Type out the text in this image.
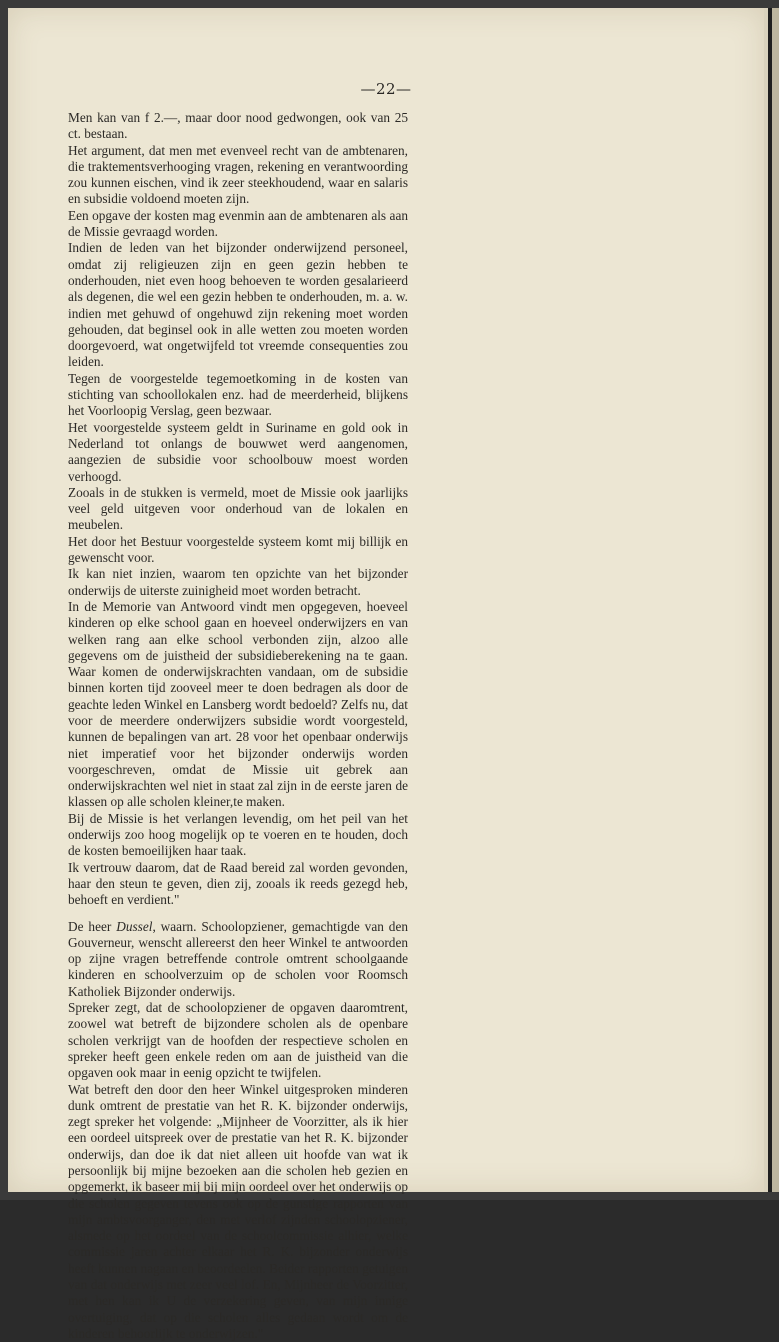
—22—

Men kan van f 2.—, maar door nood gedwongen, ook van 25 ct. bestaan.

Het argument, dat men met evenveel recht van de ambtenaren, die traktementsverhooging vragen, rekening en verantwoording zou kunnen eischen, vind ik zeer steekhoudend, waar en salaris en subsidie voldoend moeten zijn.

Een opgave der kosten mag evenmin aan de ambtenaren als aan de Missie gevraagd worden.

Indien de leden van het bijzonder onderwijzend personeel, omdat zij religieuzen zijn en geen gezin hebben te onderhouden, niet even hoog behoeven te worden gesalarieerd als degenen, die wel een gezin hebben te onderhouden, m. a. w. indien met gehuwd of ongehuwd zijn rekening moet worden gehouden, dat beginsel ook in alle wetten zou moeten worden doorgevoerd, wat ongetwijfeld tot vreemde consequenties zou leiden.

Tegen de voorgestelde tegemoetkoming in de kosten van stichting van schoollokalen enz. had de meerderheid, blijkens het Voorloopig Verslag, geen bezwaar.

Het voorgestelde systeem geldt in Suriname en gold ook in Nederland tot onlangs de bouwwet werd aangenomen, aangezien de subsidie voor schoolbouw moest worden verhoogd.

Zooals in de stukken is vermeld, moet de Missie ook jaarlijks veel geld uitgeven voor onderhoud van de lokalen en meubelen.

Het door het Bestuur voorgestelde systeem komt mij billijk en gewenscht voor.

Ik kan niet inzien, waarom ten opzichte van het bijzonder onderwijs de uiterste zuinigheid moet worden betracht.

In de Memorie van Antwoord vindt men opgegeven, hoeveel kinderen op elke school gaan en hoeveel onderwijzers en van welken rang aan elke school verbonden zijn, alzoo alle gegevens om de juistheid der subsidieberekening na te gaan. Waar komen de onderwijskrachten vandaan, om de subsidie binnen korten tijd zooveel meer te doen bedragen als door de geachte leden Winkel en Lansberg wordt bedoeld? Zelfs nu, dat voor de meerdere onderwijzers subsidie wordt voorgesteld, kunnen de bepalingen van art. 28 voor het openbaar onderwijs niet imperatief voor het bijzonder onderwijs worden voorgeschreven, omdat de Missie uit gebrek aan onderwijskrachten wel niet in staat zal zijn in de eerste jaren de klassen op alle scholen kleiner,te maken.

Bij de Missie is het verlangen levendig, om het peil van het onderwijs zoo hoog mogelijk op te voeren en te houden, doch de kosten bemoeilijken haar taak.

Ik vertrouw daarom, dat de Raad bereid zal worden gevonden, haar den steun te geven, dien zij, zooals ik reeds gezegd heb, behoeft en verdient."

De heer Dussel, waarn. Schoolopziener, gemachtigde van den Gouverneur, wenscht allereerst den heer Winkel te antwoorden op zijne vragen betreffende controle omtrent schoolgaande kinderen en schoolverzuim op de scholen voor Roomsch Katholiek Bijzonder onderwijs.

Spreker zegt, dat de schoolopziener de opgaven daaromtrent, zoowel wat betreft de bijzondere scholen als de openbare scholen verkrijgt van de hoofden der respectieve scholen en spreker heeft geen enkele reden om aan de juistheid van die opgaven ook maar in eenig opzicht te twijfelen.

Wat betreft den door den heer Winkel uitgesproken minderen dunk omtrent de prestatie van het R. K. bijzonder onderwijs, zegt spreker het volgende: „Mijnheer de Voorzitter, als ik hier een oordeel uitspreek over de prestatie van het R. K. bijzonder onderwijs, dan doe ik dat niet alleen uit hoofde van wat ik persoonlijk bij mijne bezoeken aan die scholen heb gezien en opgemerkt, ik baseer mij bij mijn oordeel over het onderwijs op die scholen gegeven tevens ook op de gunstige rapporten van mijn ambtsvoorganger, den met verlof zijnden schoolopziener, alsmede op het oordeel van de schoolcommissie alhier, welke commissie jaren achter elkaar het R. K. bijzonder onderwijs heeft kunnen nagaan en beoordeelen. Beider rapporten getuigen van dat onderwijs met zeer veel lof. En, Mijnheer de Voorzitter, met hen kan ik U de verzekering geven, van mijn innige overtuiging, dat op die scholen alles gedaan wordt om de kinderen behoorlijk te onderwijzen."
